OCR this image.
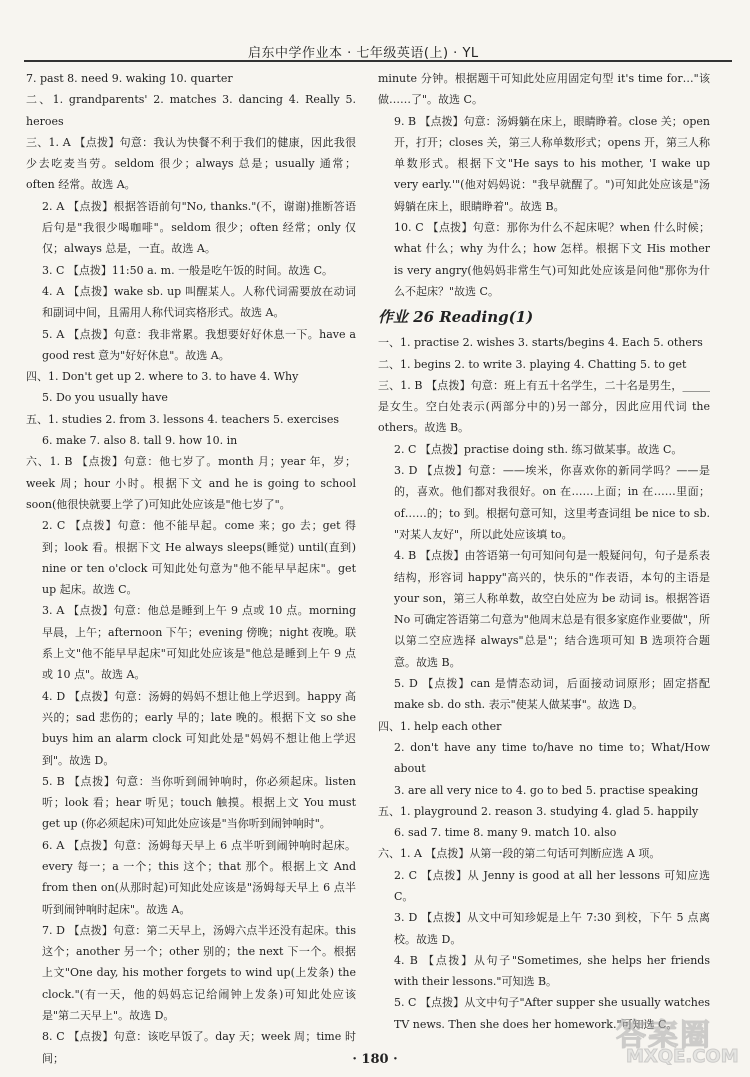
启东中学作业本 · 七年级英语(上) · YL

7. past 8. need 9. waking 10. quarter

二、1. grandparents' 2. matches 3. dancing 4. Really 5. heroes

三、1. A 【点拨】句意：我认为快餐不利于我们的健康，因此我很少去吃麦当劳。seldom 很少；always 总是；usually 通常；often 经常。故选 A。

2. A 【点拨】根据答语前句"No, thanks."(不，谢谢)推断答语后句是"我很少喝咖啡"。seldom 很少；often 经常；only 仅仅；always 总是，一直。故选 A。

3. C 【点拨】11:50 a. m. 一般是吃午饭的时间。故选 C。

4. A 【点拨】wake sb. up 叫醒某人。人称代词需要放在动词和副词中间，且需用人称代词宾格形式。故选 A。

5. A 【点拨】句意：我非常累。我想要好好休息一下。have a good rest 意为"好好休息"。故选 A。

四、1. Don't get up 2. where to 3. to have 4. Why

5. Do you usually have

五、1. studies 2. from 3. lessons 4. teachers 5. exercises

6. make 7. also 8. tall 9. how 10. in

六、1. B 【点拨】句意：他七岁了。month 月；year 年，岁；week 周；hour 小时。根据下文 and he is going to school soon(他很快就要上学了)可知此处应该是"他七岁了"。

2. C 【点拨】句意：他不能早起。come 来；go 去；get 得到；look 看。根据下文 He always sleeps(睡觉) until(直到) nine or ten o'clock 可知此处句意为"他不能早早起床"。get up 起床。故选 C。

3. A 【点拨】句意：他总是睡到上午 9 点或 10 点。morning 早晨，上午；afternoon 下午；evening 傍晚；night 夜晚。联系上文"他不能早早起床"可知此处应该是"他总是睡到上午 9 点或 10 点"。故选 A。

4. D 【点拨】句意：汤姆的妈妈不想让他上学迟到。happy 高兴的；sad 悲伤的；early 早的；late 晚的。根据下文 so she buys him an alarm clock 可知此处是"妈妈不想让他上学迟到"。故选 D。

5. B 【点拨】句意：当你听到闹钟响时，你必须起床。listen 听；look 看；hear 听见；touch 触摸。根据上文 You must get up (你必须起床)可知此处应该是"当你听到闹钟响时"。

6. A 【点拨】句意：汤姆每天早上 6 点半听到闹钟响时起床。every 每一；a 一个；this 这个；that 那个。根据上文 And from then on(从那时起)可知此处应该是"汤姆每天早上 6 点半听到闹钟响时起床"。故选 A。

7. D 【点拨】句意：第二天早上，汤姆六点半还没有起床。this 这个；another 另一个；other 别的；the next 下一个。根据上文"One day, his mother forgets to wind up(上发条) the clock."(有一天，他的妈妈忘记给闹钟上发条)可知此处应该是"第二天早上"。故选 D。

8. C 【点拨】句意：该吃早饭了。day 天；week 周；time 时间；

minute 分钟。根据题干可知此处应用固定句型 it's time for…"该做……了"。故选 C。

9. B 【点拨】句意：汤姆躺在床上，眼睛睁着。close 关；open 开，打开；closes 关，第三人称单数形式；opens 开，第三人称单数形式。根据下文"He says to his mother, 'I wake up very early.'"(他对妈妈说："我早就醒了。")可知此处应该是"汤姆躺在床上，眼睛睁着"。故选 B。

10. C 【点拨】句意：那你为什么不起床呢？when 什么时候；what 什么；why 为什么；how 怎样。根据下文 His mother is very angry(他妈妈非常生气)可知此处应该是问他"那你为什么不起床？"故选 C。

作业 26 Reading(1)

一、1. practise 2. wishes 3. starts/begins 4. Each 5. others

二、1. begins 2. to write 3. playing 4. Chatting 5. to get

三、1. B 【点拨】句意：班上有五十名学生，二十名是男生，_____是女生。空白处表示(两部分中的)另一部分，因此应用代词 the others。故选 B。

2. C 【点拨】practise doing sth. 练习做某事。故选 C。

3. D 【点拨】句意：——埃米，你喜欢你的新同学吗？——是的，喜欢。他们都对我很好。on 在……上面；in 在……里面；of……的；to 到。根据句意可知，这里考查词组 be nice to sb. "对某人友好"，所以此处应该填 to。

4. B 【点拨】由答语第一句可知问句是一般疑问句，句子是系表结构，形容词 happy"高兴的，快乐的"作表语，本句的主语是 your son，第三人称单数，故空白处应为 be 动词 is。根据答语 No 可确定答语第二句意为"他周末总是有很多家庭作业要做"，所以第二空应选择 always"总是"；结合选项可知 B 选项符合题意。故选 B。

5. D 【点拨】can 是情态动词，后面接动词原形；固定搭配 make sb. do sth. 表示"使某人做某事"。故选 D。

四、1. help each other

2. don't have any time to/have no time to；What/How about

3. are all very nice to 4. go to bed 5. practise speaking

五、1. playground 2. reason 3. studying 4. glad 5. happily

6. sad 7. time 8. many 9. match 10. also

六、1. A 【点拨】从第一段的第二句话可判断应选 A 项。

2. C 【点拨】从 Jenny is good at all her lessons 可知应选 C。

3. D 【点拨】从文中可知珍妮是上午 7:30 到校，下午 5 点离校。故选 D。

4. B 【点拨】从句子"Sometimes, she helps her friends with their lessons."可知选 B。

5. C 【点拨】从文中句子"After supper she usually watches TV news. Then she does her homework."可知选 C。

· 180 ·
答案圈
MXQE.COM
